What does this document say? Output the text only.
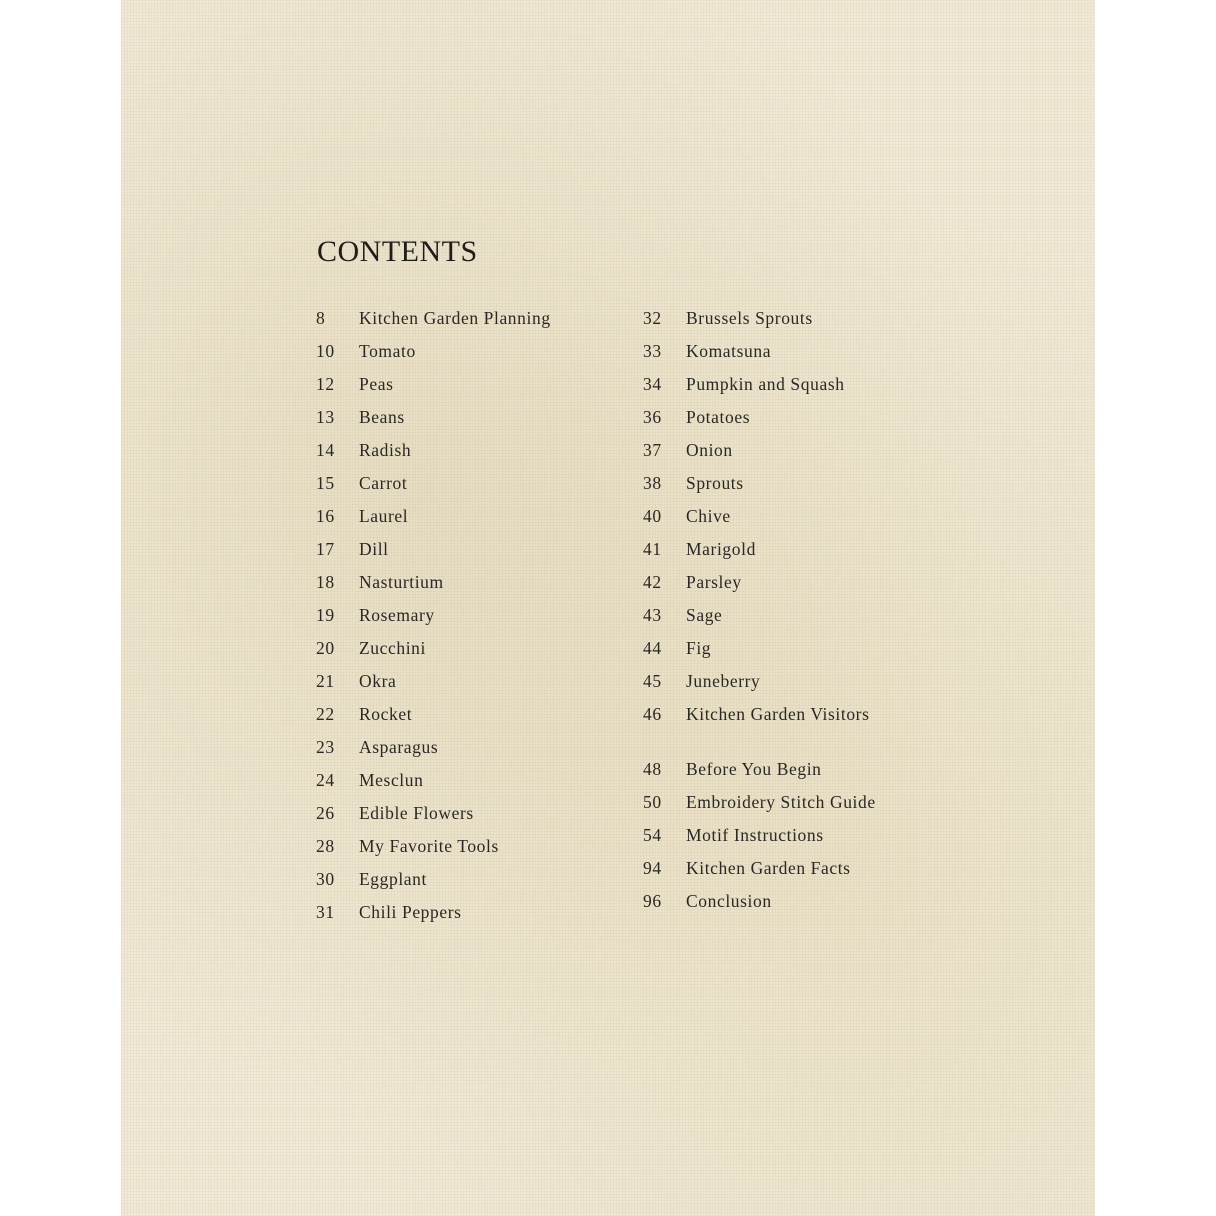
CONTENTS
8 Kitchen Garden Planning
10 Tomato
12 Peas
13 Beans
14 Radish
15 Carrot
16 Laurel
17 Dill
18 Nasturtium
19 Rosemary
20 Zucchini
21 Okra
22 Rocket
23 Asparagus
24 Mesclun
26 Edible Flowers
28 My Favorite Tools
30 Eggplant
31 Chili Peppers
32 Brussels Sprouts
33 Komatsuna
34 Pumpkin and Squash
36 Potatoes
37 Onion
38 Sprouts
40 Chive
41 Marigold
42 Parsley
43 Sage
44 Fig
45 Juneberry
46 Kitchen Garden Visitors
48 Before You Begin
50 Embroidery Stitch Guide
54 Motif Instructions
94 Kitchen Garden Facts
96 Conclusion
